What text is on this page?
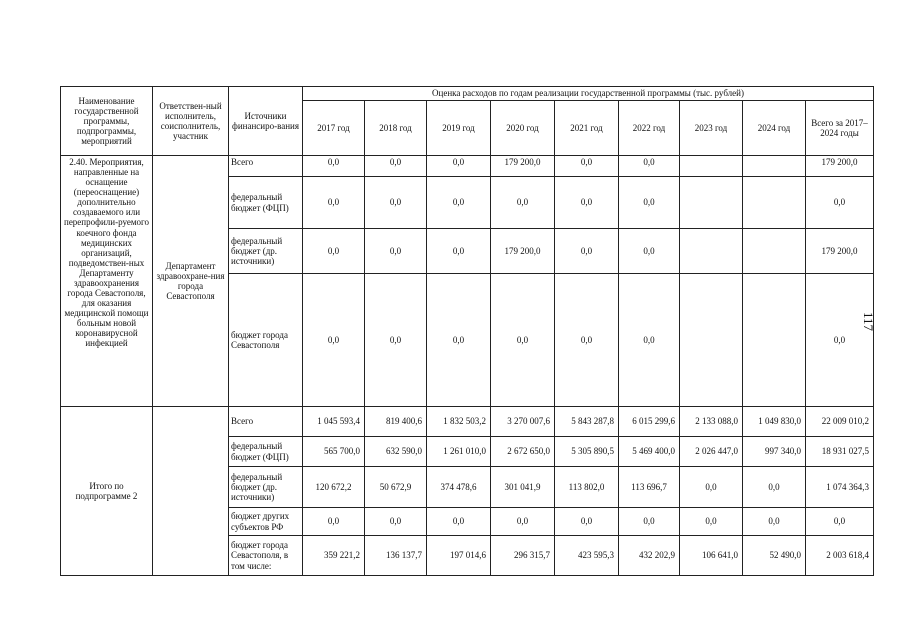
117
Наименование государственной программы, подпрограммы, мероприятий	Ответствен-ный исполнитель, соисполнитель, участник	Источники финансиро-вания	Оценка расходов по годам реализации государственной программы (тыс. рублей)								
			2017 год	2018 год	2019 год	2020 год	2021 год	2022 год	2023 год	2024 год	Всего за 2017–2024 годы
2.40. Мероприятия, направленные на оснащение (переоснащение) дополнительно создаваемого или перепрофили-руемого коечного фонда медицинских организаций, подведомствен-ных Департаменту здравоохранения города Севастополя, для оказания медицинской помощи больным новой коронавирусной инфекцией	Департамент здравоохране-ния города Севастополя	Всего	0,0	0,0	0,0	179 200,0	0,0	0,0			179 200,0
		федеральный бюджет (ФЦП)	0,0	0,0	0,0	0,0	0,0	0,0			0,0
		федеральный бюджет (др. источники)	0,0	0,0	0,0	179 200,0	0,0	0,0			179 200,0
		бюджет города Севастополя	0,0	0,0	0,0	0,0	0,0	0,0			0,0
Итого по подпрограмме 2		Всего	1 045 593,4	819 400,6	1 832 503,2	3 270 007,6	5 843 287,8	6 015 299,6	2 133 088,0	1 049 830,0	22 009 010,2
		федеральный бюджет (ФЦП)	565 700,0	632 590,0	1 261 010,0	2 672 650,0	5 305 890,5	5 469 400,0	2 026 447,0	997 340,0	18 931 027,5
		федеральный бюджет (др. источники)	120 672,2	50 672,9	374 478,6	301 041,9	113 802,0	113 696,7	0,0	0,0	1 074 364,3
		бюджет других субъектов РФ	0,0	0,0	0,0	0,0	0,0	0,0	0,0	0,0	0,0
		бюджет города Севастополя, в том числе:	359 221,2	136 137,7	197 014,6	296 315,7	423 595,3	432 202,9	106 641,0	52 490,0	2 003 618,4
